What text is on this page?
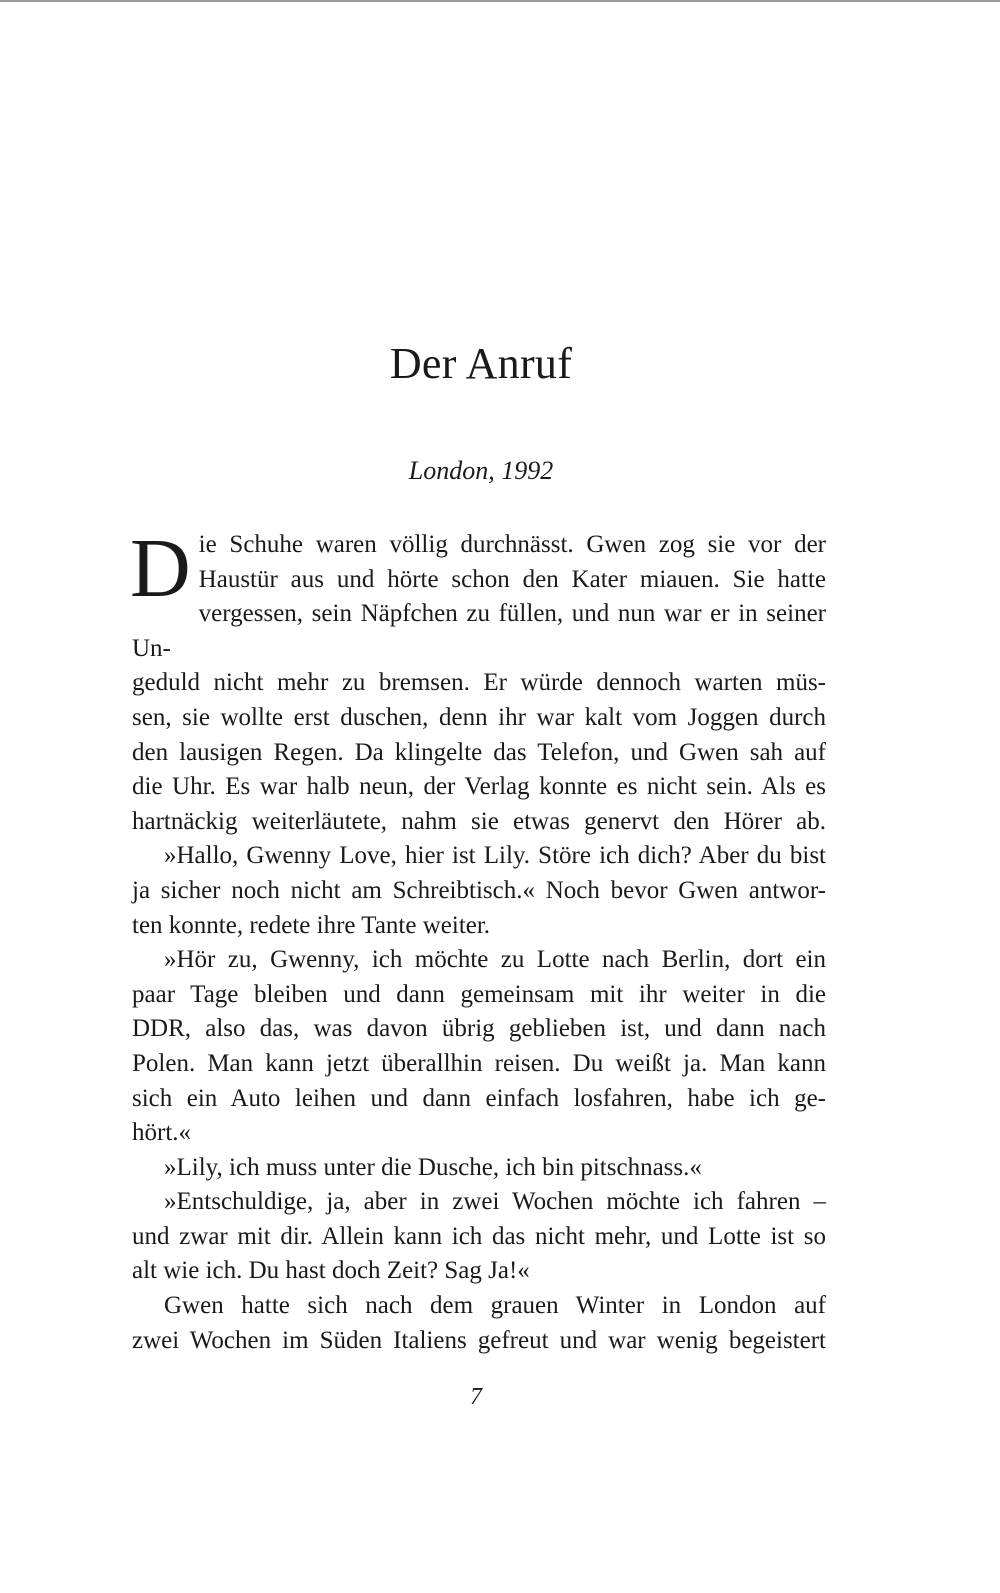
Der Anruf
London, 1992
D ie Schuhe waren völlig durchnässt. Gwen zog sie vor der
Haustür aus und hörte schon den Kater miauen. Sie hatte
vergessen, sein Näpfchen zu füllen, und nun war er in seiner Un-
geduld nicht mehr zu bremsen. Er würde dennoch warten müs-
sen, sie wollte erst duschen, denn ihr war kalt vom Joggen durch
den lausigen Regen. Da klingelte das Telefon, und Gwen sah auf
die Uhr. Es war halb neun, der Verlag konnte es nicht sein. Als es
hartnäckig weiterläutete, nahm sie etwas genervt den Hörer ab.
»Hallo, Gwenny Love, hier ist Lily. Störe ich dich? Aber du bist
ja sicher noch nicht am Schreibtisch.« Noch bevor Gwen antwor-
ten konnte, redete ihre Tante weiter.
»Hör zu, Gwenny, ich möchte zu Lotte nach Berlin, dort ein
paar Tage bleiben und dann gemeinsam mit ihr weiter in die
DDR, also das, was davon übrig geblieben ist, und dann nach
Polen. Man kann jetzt überallhin reisen. Du weißt ja. Man kann
sich ein Auto leihen und dann einfach losfahren, habe ich ge-
hört.«
»Lily, ich muss unter die Dusche, ich bin pitschnass.«
»Entschuldige, ja, aber in zwei Wochen möchte ich fahren –
und zwar mit dir. Allein kann ich das nicht mehr, und Lotte ist so
alt wie ich. Du hast doch Zeit? Sag Ja!«
Gwen hatte sich nach dem grauen Winter in London auf
zwei Wochen im Süden Italiens gefreut und war wenig begeistert
7
